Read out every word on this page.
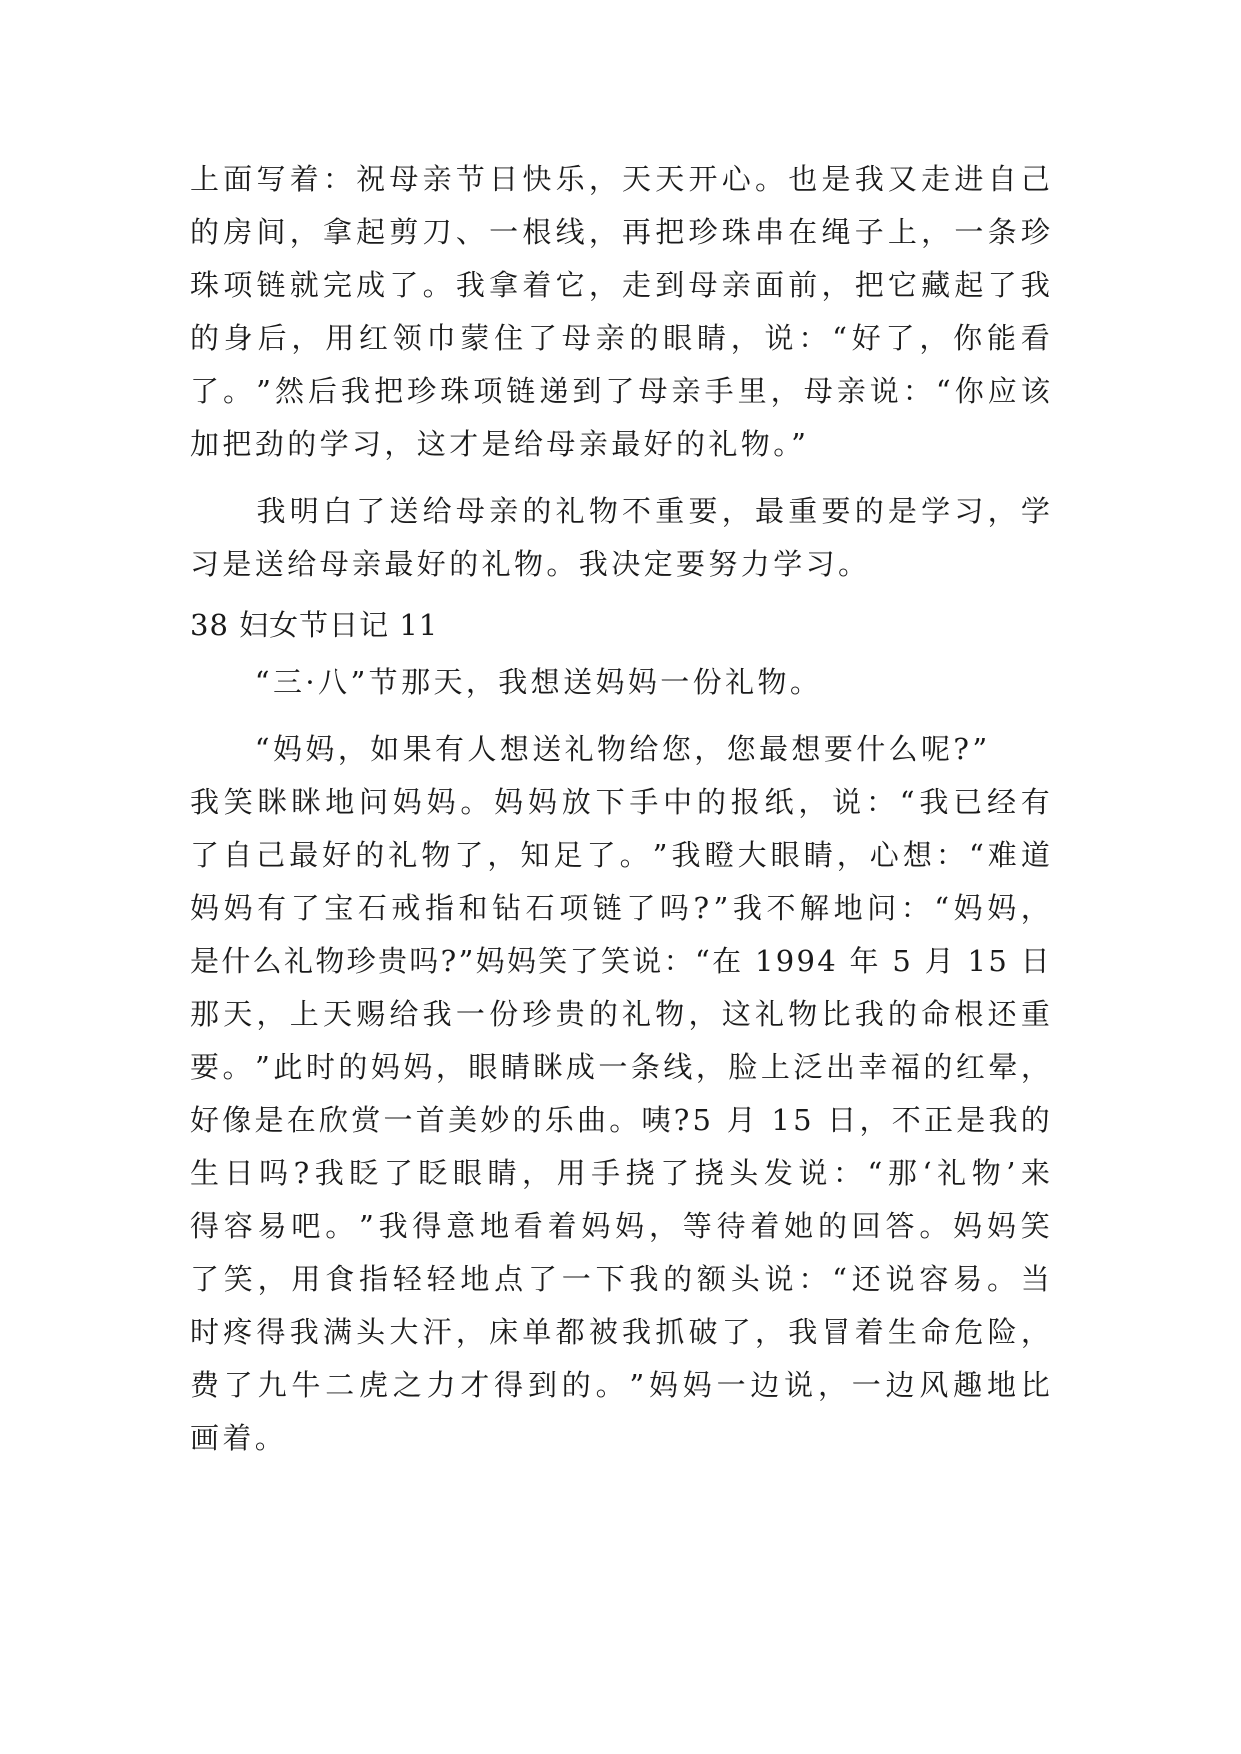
上 面 写 着 ： 祝 母 亲 节 日 快 乐 ， 天 天 开 心 。 也 是 我 又 走 进 自 己
的 房 间 ， 拿 起 剪 刀 、 一 根 线 ， 再 把 珍 珠 串 在 绳 子 上 ， 一 条 珍
珠 项 链 就 完 成 了 。 我 拿 着 它 ， 走 到 母 亲 面 前 ， 把 它 藏 起 了 我
的 身 后 ， 用 红 领 巾 蒙 住 了 母 亲 的 眼 睛 ， 说 ： “ 好 了 ， 你 能 看
了 。 ” 然 后 我 把 珍 珠 项 链 递 到 了 母 亲 手 里 ， 母 亲 说 ： “ 你 应 该
加把劲的学习，这才是给母亲最好的礼物。”

我 明 白 了 送 给 母 亲 的 礼 物 不 重 要 ， 最 重 要 的 是 学 习 ， 学
习是送给母亲最好的礼物。我决定要努力学习。
38 妇女节日记 11
　　“三·八”节那天，我想送妈妈一份礼物。
　　“妈妈，如果有人想送礼物给您，您最想要什么呢?”
我 笑 眯 眯 地 问 妈 妈 。 妈 妈 放 下 手 中 的 报 纸 ， 说 ： “ 我 已 经 有
了 自 己 最 好 的 礼 物 了 ， 知 足 了 。 ” 我 瞪 大 眼 睛 ， 心 想 ： “ 难 道
妈 妈 有 了 宝 石 戒 指 和 钻 石 项 链 了 吗 ? ” 我 不 解 地 问 ： “ 妈 妈 ，
是 什 么 礼 物 珍 贵 吗 ? ” 妈 妈 笑 了 笑 说 ： “ 在
1 9 9 4
年
5
月
1 5
日
那 天 ， 上 天 赐 给 我 一 份 珍 贵 的 礼 物 ， 这 礼 物 比 我 的 命 根 还 重
要 。 ” 此 时 的 妈 妈 ， 眼 睛 眯 成 一 条 线 ， 脸 上 泛 出 幸 福 的 红 晕 ，
好 像 是 在 欣 赏 一 首 美 妙 的 乐 曲 。 咦 ? 5
月
1 5
日 ， 不 正 是 我 的
生 日 吗 ? 我 眨 了 眨 眼 睛 ， 用 手 挠 了 挠 头 发 说 ： “ 那 ‘ 礼 物 ’ 来
得 容 易 吧 。 ” 我 得 意 地 看 着 妈 妈 ， 等 待 着 她 的 回 答 。 妈 妈 笑
了 笑 ， 用 食 指 轻 轻 地 点 了 一 下 我 的 额 头 说 ： “ 还 说 容 易 。 当
时 疼 得 我 满 头 大 汗 ， 床 单 都 被 我 抓 破 了 ， 我 冒 着 生 命 危 险 ，
费 了 九 牛 二 虎 之 力 才 得 到 的 。 ” 妈 妈 一 边 说 ， 一 边 风 趣 地 比
画着。
